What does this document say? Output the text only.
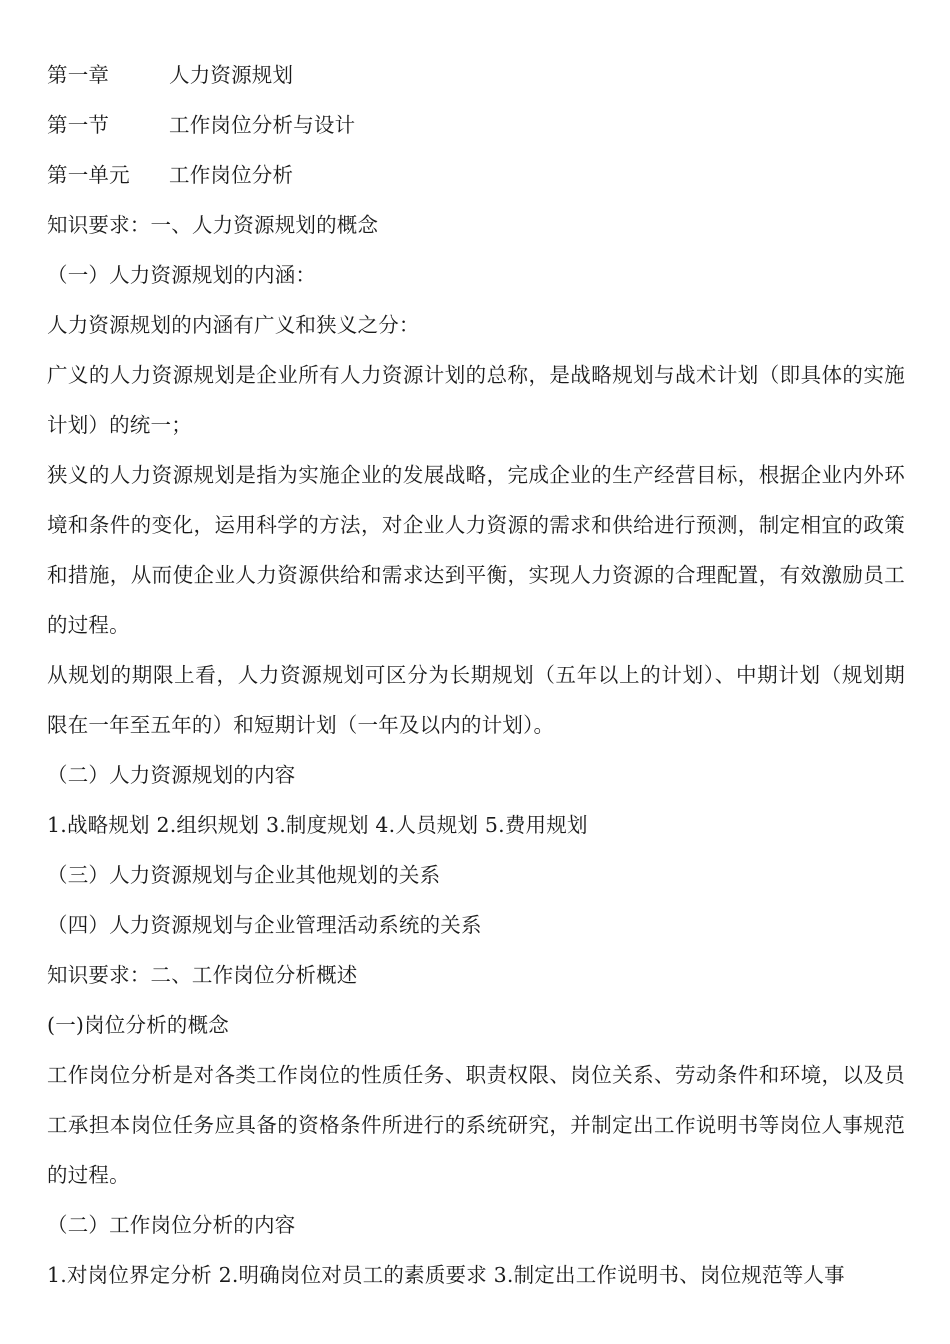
第一章	人力资源规划
第一节	工作岗位分析与设计
第一单元	工作岗位分析
知识要求：一、人力资源规划的概念
（一）人力资源规划的内涵：
人力资源规划的内涵有广义和狭义之分：
广义的人力资源规划是企业所有人力资源计划的总称，是战略规划与战术计划（即具体的实施计划）的统一；
狭义的人力资源规划是指为实施企业的发展战略，完成企业的生产经营目标，根据企业内外环境和条件的变化，运用科学的方法，对企业人力资源的需求和供给进行预测，制定相宜的政策和措施，从而使企业人力资源供给和需求达到平衡，实现人力资源的合理配置，有效激励员工的过程。
从规划的期限上看，人力资源规划可区分为长期规划（五年以上的计划）、中期计划（规划期限在一年至五年的）和短期计划（一年及以内的计划）。
（二）人力资源规划的内容
1.战略规划 2.组织规划 3.制度规划 4.人员规划 5.费用规划
（三）人力资源规划与企业其他规划的关系
（四）人力资源规划与企业管理活动系统的关系
知识要求：二、工作岗位分析概述
(一)岗位分析的概念
工作岗位分析是对各类工作岗位的性质任务、职责权限、岗位关系、劳动条件和环境，以及员工承担本岗位任务应具备的资格条件所进行的系统研究，并制定出工作说明书等岗位人事规范的过程。
（二）工作岗位分析的内容
1.对岗位界定分析 2.明确岗位对员工的素质要求 3.制定出工作说明书、岗位规范等人事
